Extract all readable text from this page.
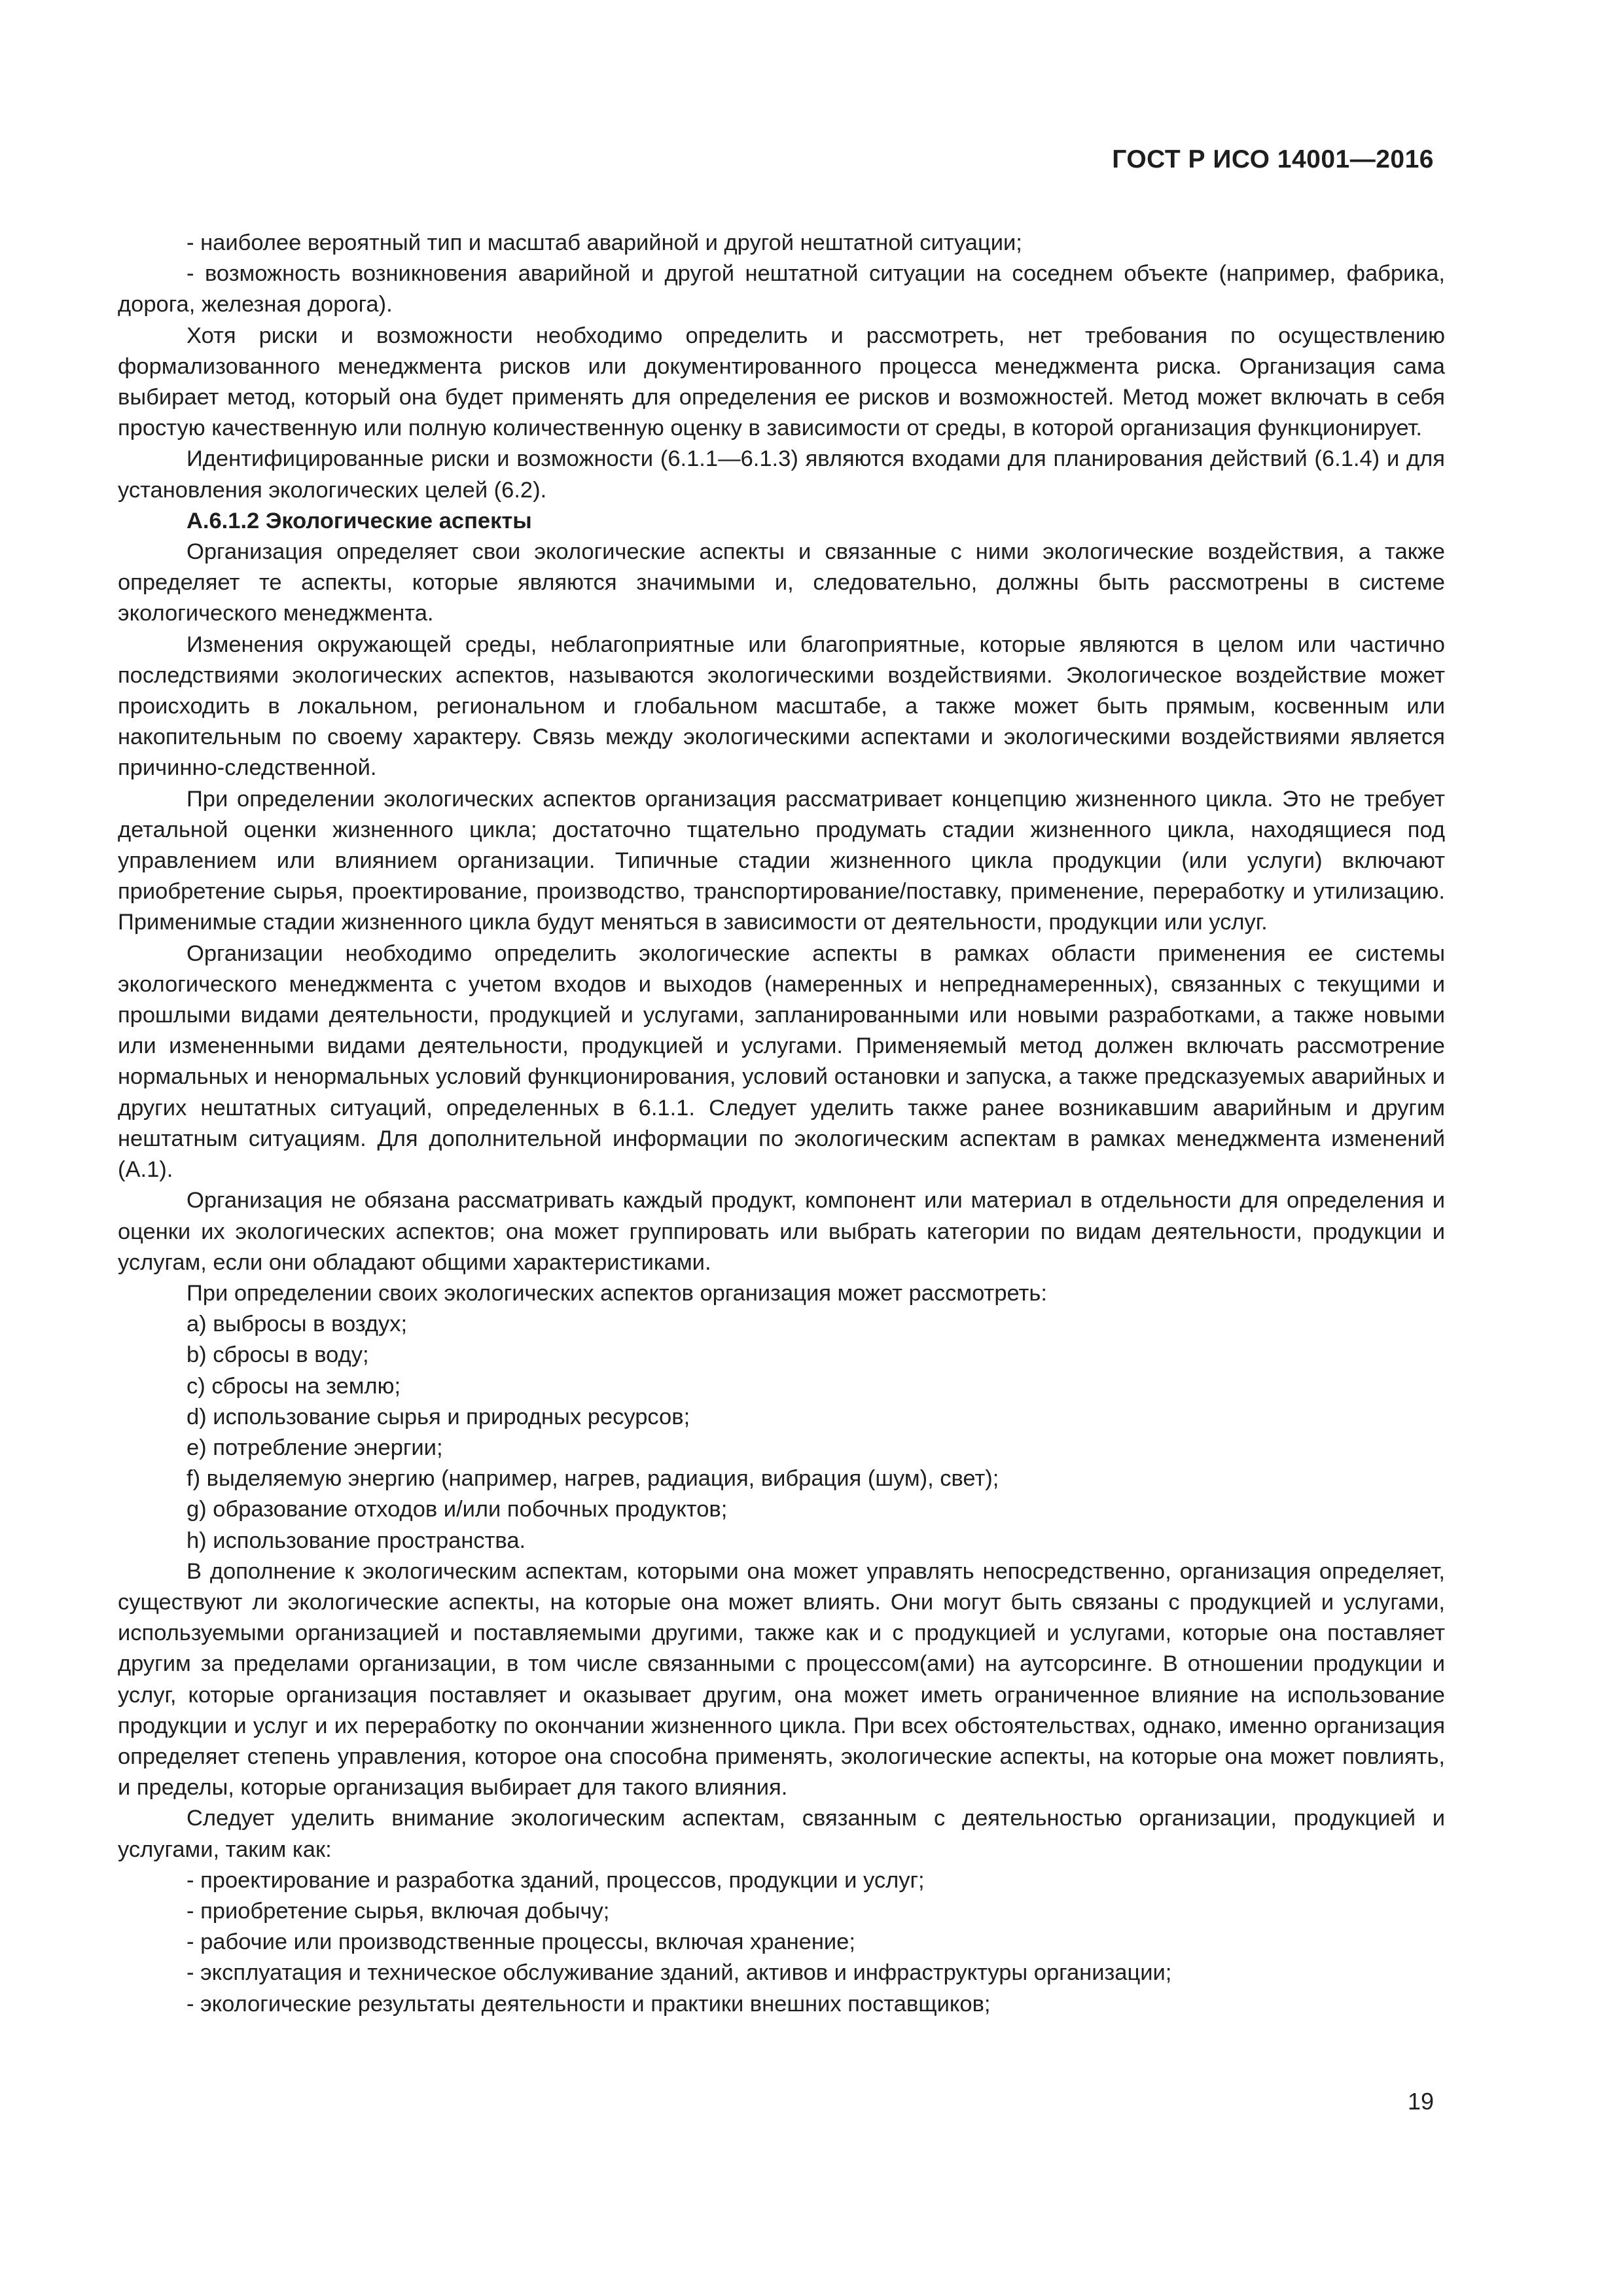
ГОСТ Р ИСО 14001—2016

- наиболее вероятный тип и масштаб аварийной и другой нештатной ситуации;

- возможность возникновения аварийной и другой нештатной ситуации на соседнем объекте (например, фабрика, дорога, железная дорога).

Хотя риски и возможности необходимо определить и рассмотреть, нет требования по осуществлению формализованного менеджмента рисков или документированного процесса менеджмента риска. Организация сама выбирает метод, который она будет применять для определения ее рисков и возможностей. Метод может включать в себя простую качественную или полную количественную оценку в зависимости от среды, в которой организация функционирует.

Идентифицированные риски и возможности (6.1.1—6.1.3) являются входами для планирования действий (6.1.4) и для установления экологических целей (6.2).

А.6.1.2 Экологические аспекты

Организация определяет свои экологические аспекты и связанные с ними экологические воздействия, а также определяет те аспекты, которые являются значимыми и, следовательно, должны быть рассмотрены в системе экологического менеджмента.

Изменения окружающей среды, неблагоприятные или благоприятные, которые являются в целом или частично последствиями экологических аспектов, называются экологическими воздействиями. Экологическое воздействие может происходить в локальном, региональном и глобальном масштабе, а также может быть прямым, косвенным или накопительным по своему характеру. Связь между экологическими аспектами и экологическими воздействиями является причинно-следственной.

При определении экологических аспектов организация рассматривает концепцию жизненного цикла. Это не требует детальной оценки жизненного цикла; достаточно тщательно продумать стадии жизненного цикла, находящиеся под управлением или влиянием организации. Типичные стадии жизненного цикла продукции (или услуги) включают приобретение сырья, проектирование, производство, транспортирование/поставку, применение, переработку и утилизацию. Применимые стадии жизненного цикла будут меняться в зависимости от деятельности, продукции или услуг.

Организации необходимо определить экологические аспекты в рамках области применения ее системы экологического менеджмента с учетом входов и выходов (намеренных и непреднамеренных), связанных с текущими и прошлыми видами деятельности, продукцией и услугами, запланированными или новыми разработками, а также новыми или измененными видами деятельности, продукцией и услугами. Применяемый метод должен включать рассмотрение нормальных и ненормальных условий функционирования, условий остановки и запуска, а также предсказуемых аварийных и других нештатных ситуаций, определенных в 6.1.1. Следует уделить также ранее возникавшим аварийным и другим нештатным ситуациям. Для дополнительной информации по экологическим аспектам в рамках менеджмента изменений (А.1).

Организация не обязана рассматривать каждый продукт, компонент или материал в отдельности для определения и оценки их экологических аспектов; она может группировать или выбрать категории по видам деятельности, продукции и услугам, если они обладают общими характеристиками.

При определении своих экологических аспектов организация может рассмотреть:

a) выбросы в воздух;

b) сбросы в воду;

c) сбросы на землю;

d) использование сырья и природных ресурсов;

e) потребление энергии;

f) выделяемую энергию (например, нагрев, радиация, вибрация (шум), свет);

g) образование отходов и/или побочных продуктов;

h) использование пространства.

В дополнение к экологическим аспектам, которыми она может управлять непосредственно, организация определяет, существуют ли экологические аспекты, на которые она может влиять. Они могут быть связаны с продукцией и услугами, используемыми организацией и поставляемыми другими, также как и с продукцией и услугами, которые она поставляет другим за пределами организации, в том числе связанными с процессом(ами) на аутсорсинге. В отношении продукции и услуг, которые организация поставляет и оказывает другим, она может иметь ограниченное влияние на использование продукции и услуг и их переработку по окончании жизненного цикла. При всех обстоятельствах, однако, именно организация определяет степень управления, которое она способна применять, экологические аспекты, на которые она может повлиять, и пределы, которые организация выбирает для такого влияния.

Следует уделить внимание экологическим аспектам, связанным с деятельностью организации, продукцией и услугами, таким как:

- проектирование и разработка зданий, процессов, продукции и услуг;

- приобретение сырья, включая добычу;

- рабочие или производственные процессы, включая хранение;

- эксплуатация и техническое обслуживание зданий, активов и инфраструктуры организации;

- экологические результаты деятельности и практики внешних поставщиков;

19
